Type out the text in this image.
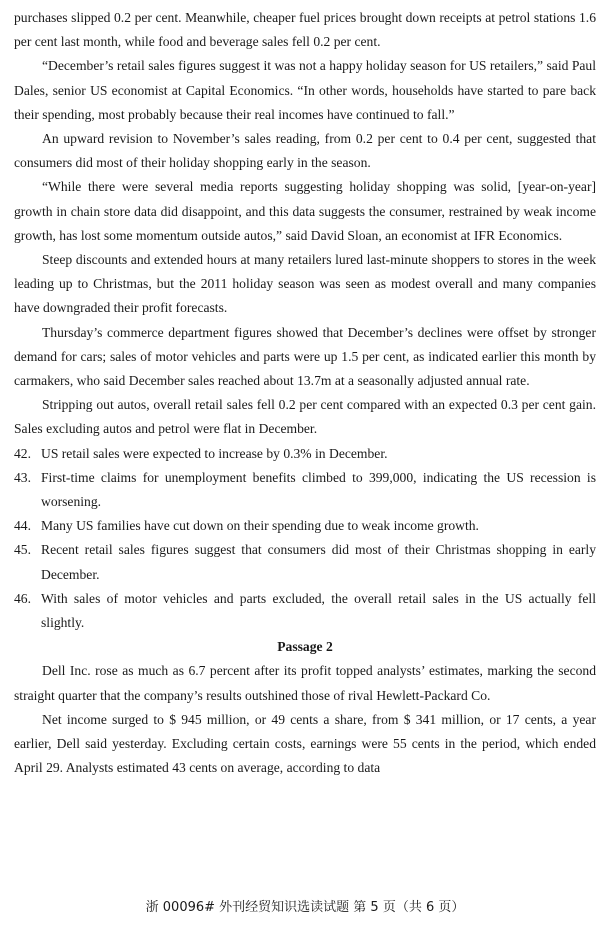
purchases slipped 0.2 per cent. Meanwhile, cheaper fuel prices brought down receipts at petrol stations 1.6 per cent last month, while food and beverage sales fell 0.2 per cent.

“December’s retail sales figures suggest it was not a happy holiday season for US retailers,” said Paul Dales, senior US economist at Capital Economics. “In other words, households have started to pare back their spending, most probably because their real incomes have continued to fall.”

An upward revision to November’s sales reading, from 0.2 per cent to 0.4 per cent, suggested that consumers did most of their holiday shopping early in the season.

“While there were several media reports suggesting holiday shopping was solid, [year-on-year] growth in chain store data did disappoint, and this data suggests the consumer, restrained by weak income growth, has lost some momentum outside autos,” said David Sloan, an economist at IFR Economics.

Steep discounts and extended hours at many retailers lured last-minute shoppers to stores in the week leading up to Christmas, but the 2011 holiday season was seen as modest overall and many companies have downgraded their profit forecasts.

Thursday’s commerce department figures showed that December’s declines were offset by stronger demand for cars; sales of motor vehicles and parts were up 1.5 per cent, as indicated earlier this month by carmakers, who said December sales reached about 13.7m at a seasonally adjusted annual rate.

Stripping out autos, overall retail sales fell 0.2 per cent compared with an expected 0.3 per cent gain. Sales excluding autos and petrol were flat in December.

42. US retail sales were expected to increase by 0.3% in December.
43. First-time claims for unemployment benefits climbed to 399,000, indicating the US recession is worsening.
44. Many US families have cut down on their spending due to weak income growth.
45. Recent retail sales figures suggest that consumers did most of their Christmas shopping in early December.
46. With sales of motor vehicles and parts excluded, the overall retail sales in the US actually fell slightly.

Passage 2

Dell Inc. rose as much as 6.7 percent after its profit topped analysts’ estimates, marking the second straight quarter that the company’s results outshined those of rival Hewlett-Packard Co.

Net income surged to $ 945 million, or 49 cents a share, from $ 341 million, or 17 cents, a year earlier, Dell said yesterday. Excluding certain costs, earnings were 55 cents in the period, which ended April 29. Analysts estimated 43 cents on average, according to data

浙 00096# 外刊经贸知识选读试题 第 5 页（共 6 页）
